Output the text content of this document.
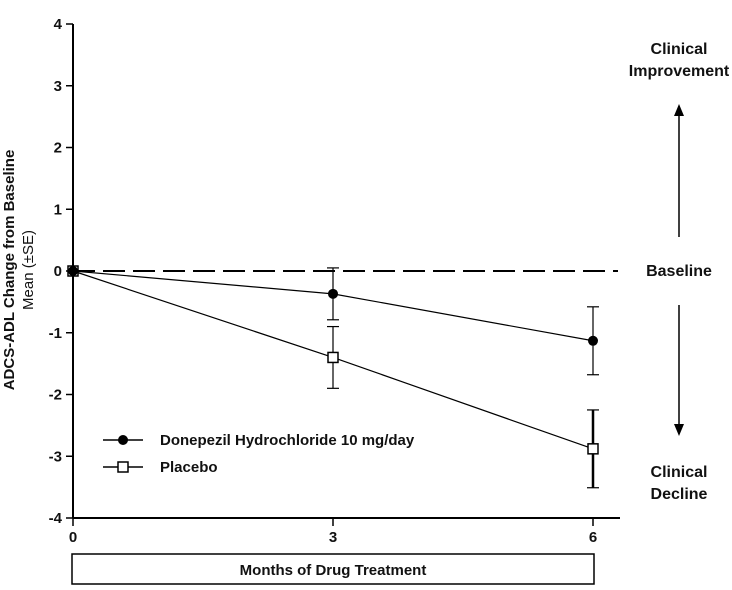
4
3
2
1
0
-1
-2
-3
-4
0	3	6
ADCS-ADL Change from Baseline Mean (±SE)
Months of Drug Treatment
Donepezil Hydrochloride 10 mg/day
Placebo
Clinical
Improvement
Baseline
Clinical
Decline
